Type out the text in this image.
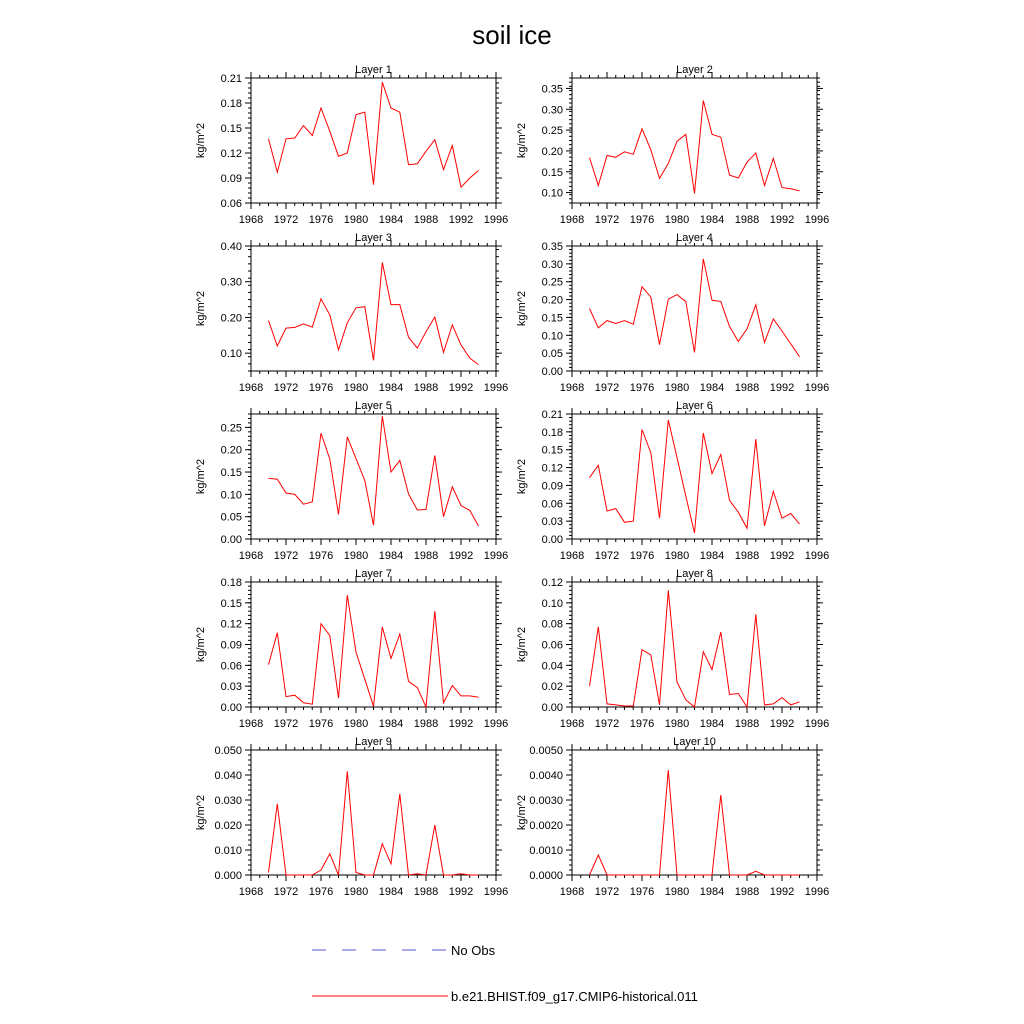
soil ice
Layer 1
1968 1972 1976 1980 1984 1988 1992 1996
0.06
0.09
0.12
0.15
0.18
0.21
kg/m^2
Layer 2
1968 1972 1976 1980 1984 1988 1992 1996
0.10
0.15
0.20
0.25
0.30
0.35
kg/m^2
Layer 3
1968 1972 1976 1980 1984 1988 1992 1996
0.10
0.20
0.30
0.40
kg/m^2
Layer 4
1968 1972 1976 1980 1984 1988 1992 1996
0.00
0.05
0.10
0.15
0.20
0.25
0.30
0.35
kg/m^2
Layer 5
1968 1972 1976 1980 1984 1988 1992 1996
0.00
0.05
0.10
0.15
0.20
0.25
kg/m^2
Layer 6
1968 1972 1976 1980 1984 1988 1992 1996
0.00
0.03
0.06
0.09
0.12
0.15
0.18
0.21
kg/m^2
Layer 7
1968 1972 1976 1980 1984 1988 1992 1996
0.00
0.03
0.06
0.09
0.12
0.15
0.18
kg/m^2
Layer 8
1968 1972 1976 1980 1984 1988 1992 1996
0.00
0.02
0.04
0.06
0.08
0.10
0.12
kg/m^2
Layer 9
1968 1972 1976 1980 1984 1988 1992 1996
0.000
0.010
0.020
0.030
0.040
0.050
kg/m^2
Layer 10
1968 1972 1976 1980 1984 1988 1992 1996
0.0000
0.0010
0.0020
0.0030
0.0040
0.0050
kg/m^2
No Obs
b.e21.BHIST.f09_g17.CMIP6-historical.011
